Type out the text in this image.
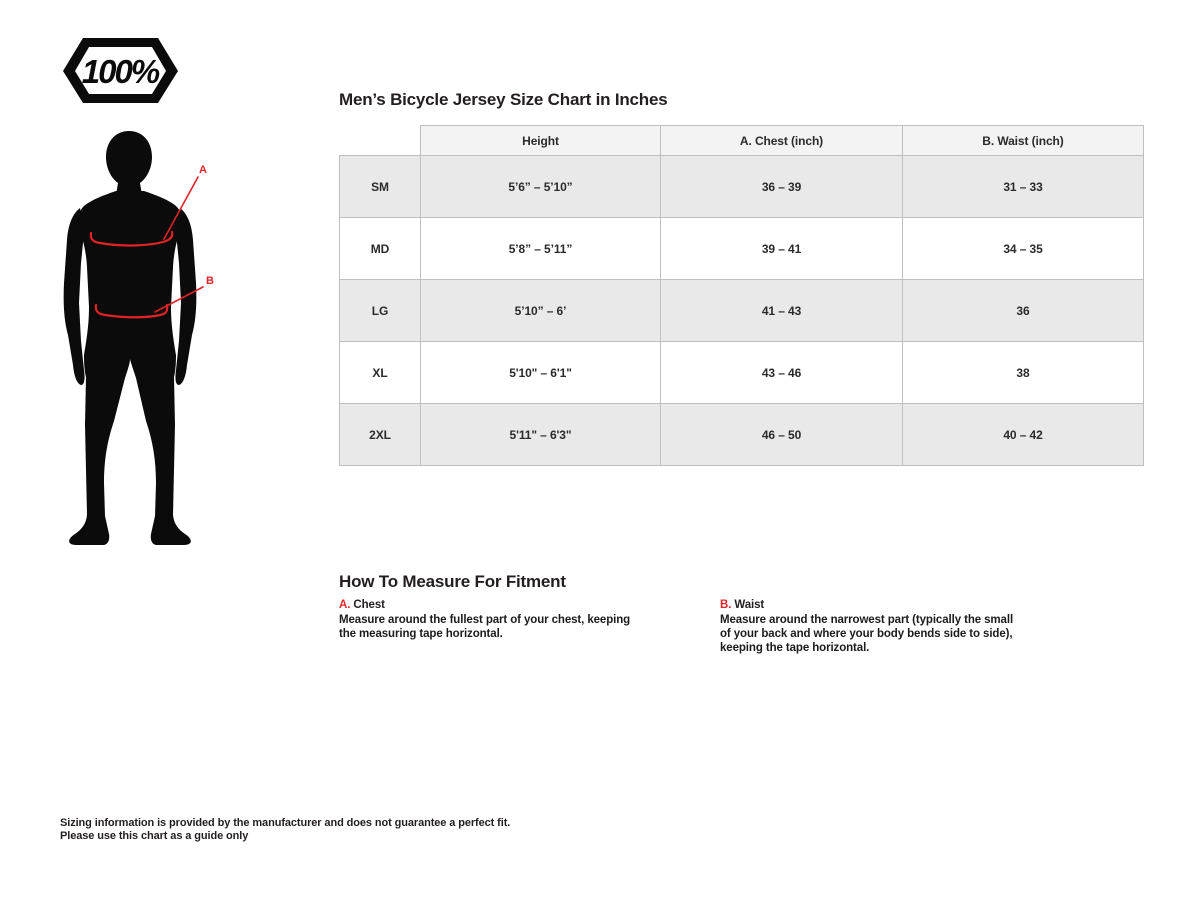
100%
A
B
Men’s Bicycle Jersey Size Chart in Inches
	Height	A. Chest (inch)	B. Waist (inch)
SM	5’6” – 5’10”	36 – 39	31 – 33
MD	5’8” – 5’11”	39 – 41	34 – 35
LG	5’10” – 6’	41 – 43	36
XL	5'10" – 6'1"	43 – 46	38
2XL	5'11" – 6'3"	46 – 50	40 – 42
How To Measure For Fitment
A. Chest
Measure around the fullest part of your chest, keeping the measuring tape horizontal.
B. Waist
Measure around the narrowest part (typically the small of your back and where your body bends side to side), keeping the tape horizontal.
Sizing information is provided by the manufacturer and does not guarantee a perfect fit.
Please use this chart as a guide only
